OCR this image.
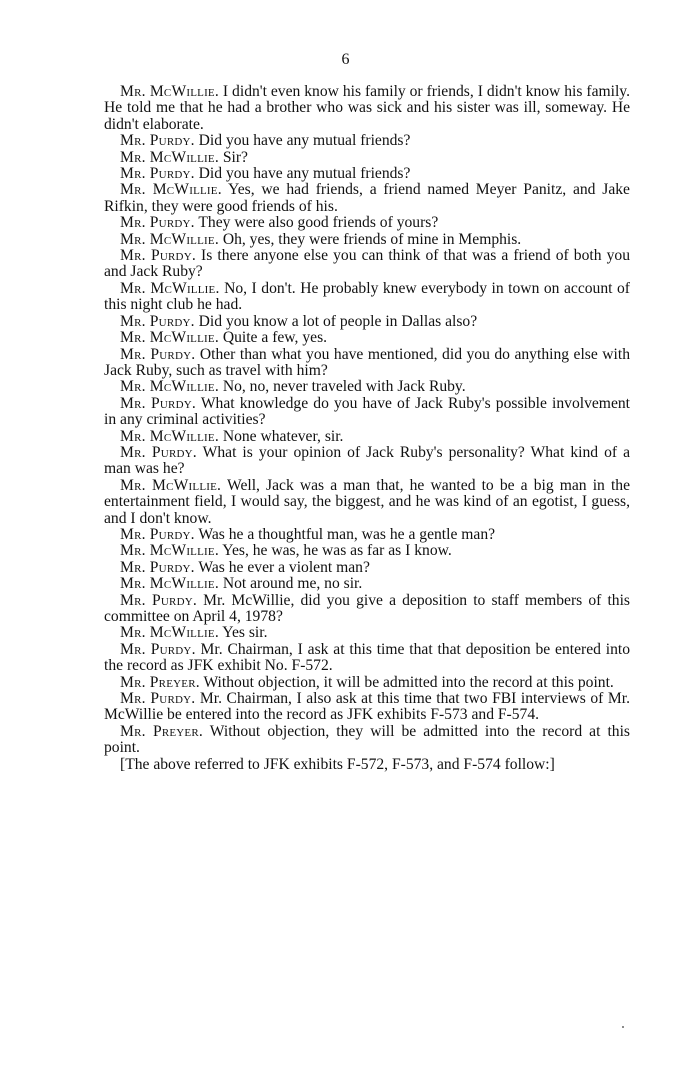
6

Mr. McWillie . I didn't even know his family or friends, I didn't know his family. He told me that he had a brother who was sick and his sister was ill, someway. He didn't elaborate.

Mr. Purdy . Did you have any mutual friends?

Mr. McWillie . Sir?

Mr. Purdy . Did you have any mutual friends?

Mr. McWillie . Yes, we had friends, a friend named Meyer Panitz, and Jake Rifkin, they were good friends of his.

Mr. Purdy . They were also good friends of yours?

Mr. McWillie . Oh, yes, they were friends of mine in Memphis.

Mr. Purdy . Is there anyone else you can think of that was a friend of both you and Jack Ruby?

Mr. McWillie . No, I don't. He probably knew everybody in town on account of this night club he had.

Mr. Purdy . Did you know a lot of people in Dallas also?

Mr. McWillie . Quite a few, yes.

Mr. Purdy . Other than what you have mentioned, did you do anything else with Jack Ruby, such as travel with him?

Mr. McWillie . No, no, never traveled with Jack Ruby.

Mr. Purdy . What knowledge do you have of Jack Ruby's possible involvement in any criminal activities?

Mr. McWillie . None whatever, sir.

Mr. Purdy . What is your opinion of Jack Ruby's personality? What kind of a man was he?

Mr. McWillie . Well, Jack was a man that, he wanted to be a big man in the entertainment field, I would say, the biggest, and he was kind of an egotist, I guess, and I don't know.

Mr. Purdy . Was he a thoughtful man, was he a gentle man?

Mr. McWillie . Yes, he was, he was as far as I know.

Mr. Purdy . Was he ever a violent man?

Mr. McWillie . Not around me, no sir.

Mr. Purdy . Mr. McWillie, did you give a deposition to staff members of this committee on April 4, 1978?

Mr. McWillie . Yes sir.

Mr. Purdy . Mr. Chairman, I ask at this time that that deposition be entered into the record as JFK exhibit No. F-572.

Mr. Preyer . Without objection, it will be admitted into the record at this point.

Mr. Purdy . Mr. Chairman, I also ask at this time that two FBI interviews of Mr. McWillie be entered into the record as JFK exhibits F-573 and F-574.

Mr. Preyer . Without objection, they will be admitted into the record at this point.

[The above referred to JFK exhibits F-572, F-573, and F-574 follow:]
